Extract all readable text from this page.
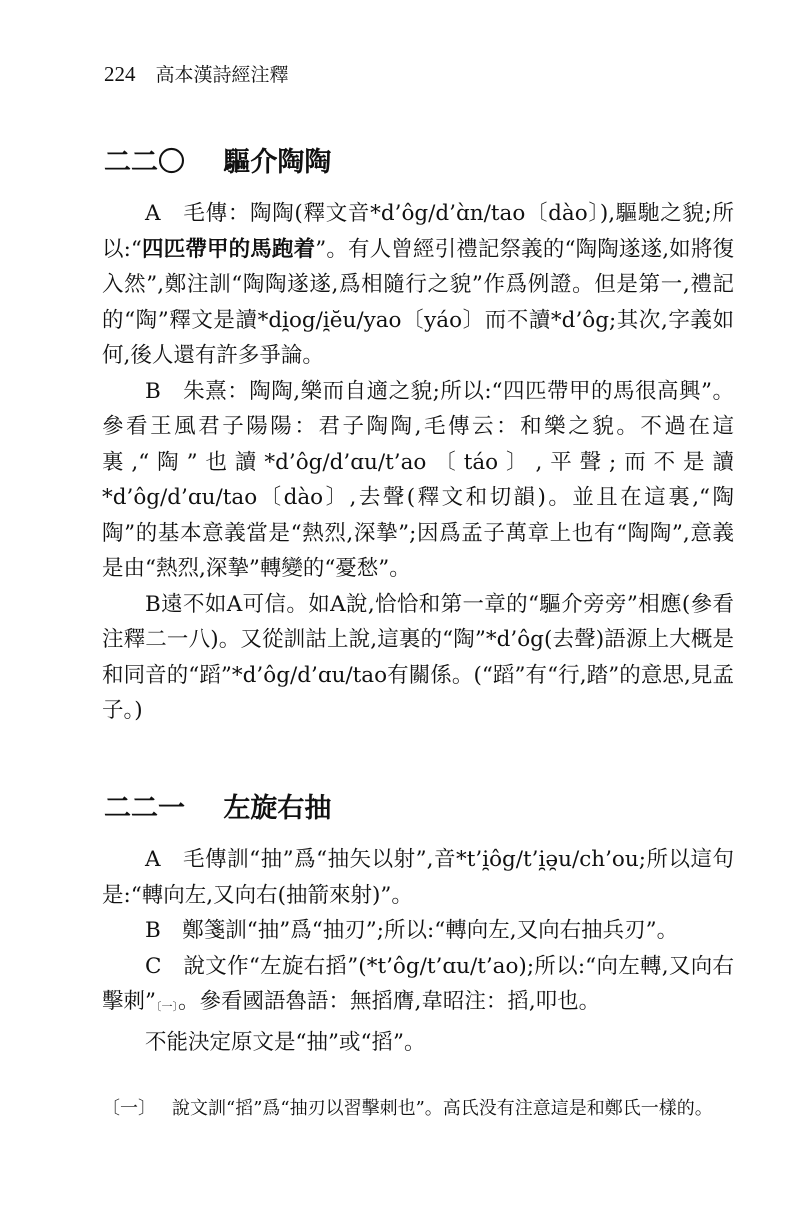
224 高本漢詩經注釋
二二〇 驅介陶陶

A　毛傳：陶陶(釋文音*d’ôg/d’ɑ̀n/tao〔dào〕),驅馳之貌;所以:“四匹帶甲的馬跑着”。有人曾經引禮記祭義的“陶陶遂遂,如將復入然”,鄭注訓“陶陶遂遂,爲相隨行之貌”作爲例證。但是第一,禮記的“陶”釋文是讀*di̯og/i̯ĕu/yao〔yáo〕而不讀*d’ôg;其次,字義如何,後人還有許多爭論。

B　朱熹：陶陶,樂而自適之貌;所以:“四匹帶甲的馬很高興”。參看王風君子陽陽：君子陶陶,毛傳云：和樂之貌。不過在這裏,“陶”也讀*d’ôg/d’ɑu/t’ao〔táo〕,平聲;而不是讀*d’ôg/d’ɑu/tao〔dào〕,去聲(釋文和切韻)。並且在這裏,“陶陶”的基本意義當是“熱烈,深摯”;因爲孟子萬章上也有“陶陶”,意義是由“熱烈,深摯”轉變的“憂愁”。

B遠不如A可信。如A說,恰恰和第一章的“驅介旁旁”相應(參看注釋二一八)。又從訓詁上說,這裏的“陶”*d’ôg(去聲)語源上大概是和同音的“蹈”*d’ôg/d’ɑu/tao有關係。(“蹈”有“行,踏”的意思,見孟子。)

二二一 左旋右抽

A　毛傳訓“抽”爲“抽矢以射”,音*t’i̯ôg/t’i̯ə̯u/ch’ou;所以這句是:“轉向左,又向右(抽箭來射)”。

B　鄭箋訓“抽”爲“抽刃”;所以:“轉向左,又向右抽兵刃”。

C　說文作“左旋右搯”(*t’ôg/t’ɑu/t’ao);所以:“向左轉,又向右擊刺”〔一〕。參看國語魯語：無搯膺,韋昭注：搯,叩也。

不能決定原文是“抽”或“搯”。

〔一〕 說文訓“搯”爲“抽刃以習擊刺也”。高氏没有注意這是和鄭氏一樣的。
